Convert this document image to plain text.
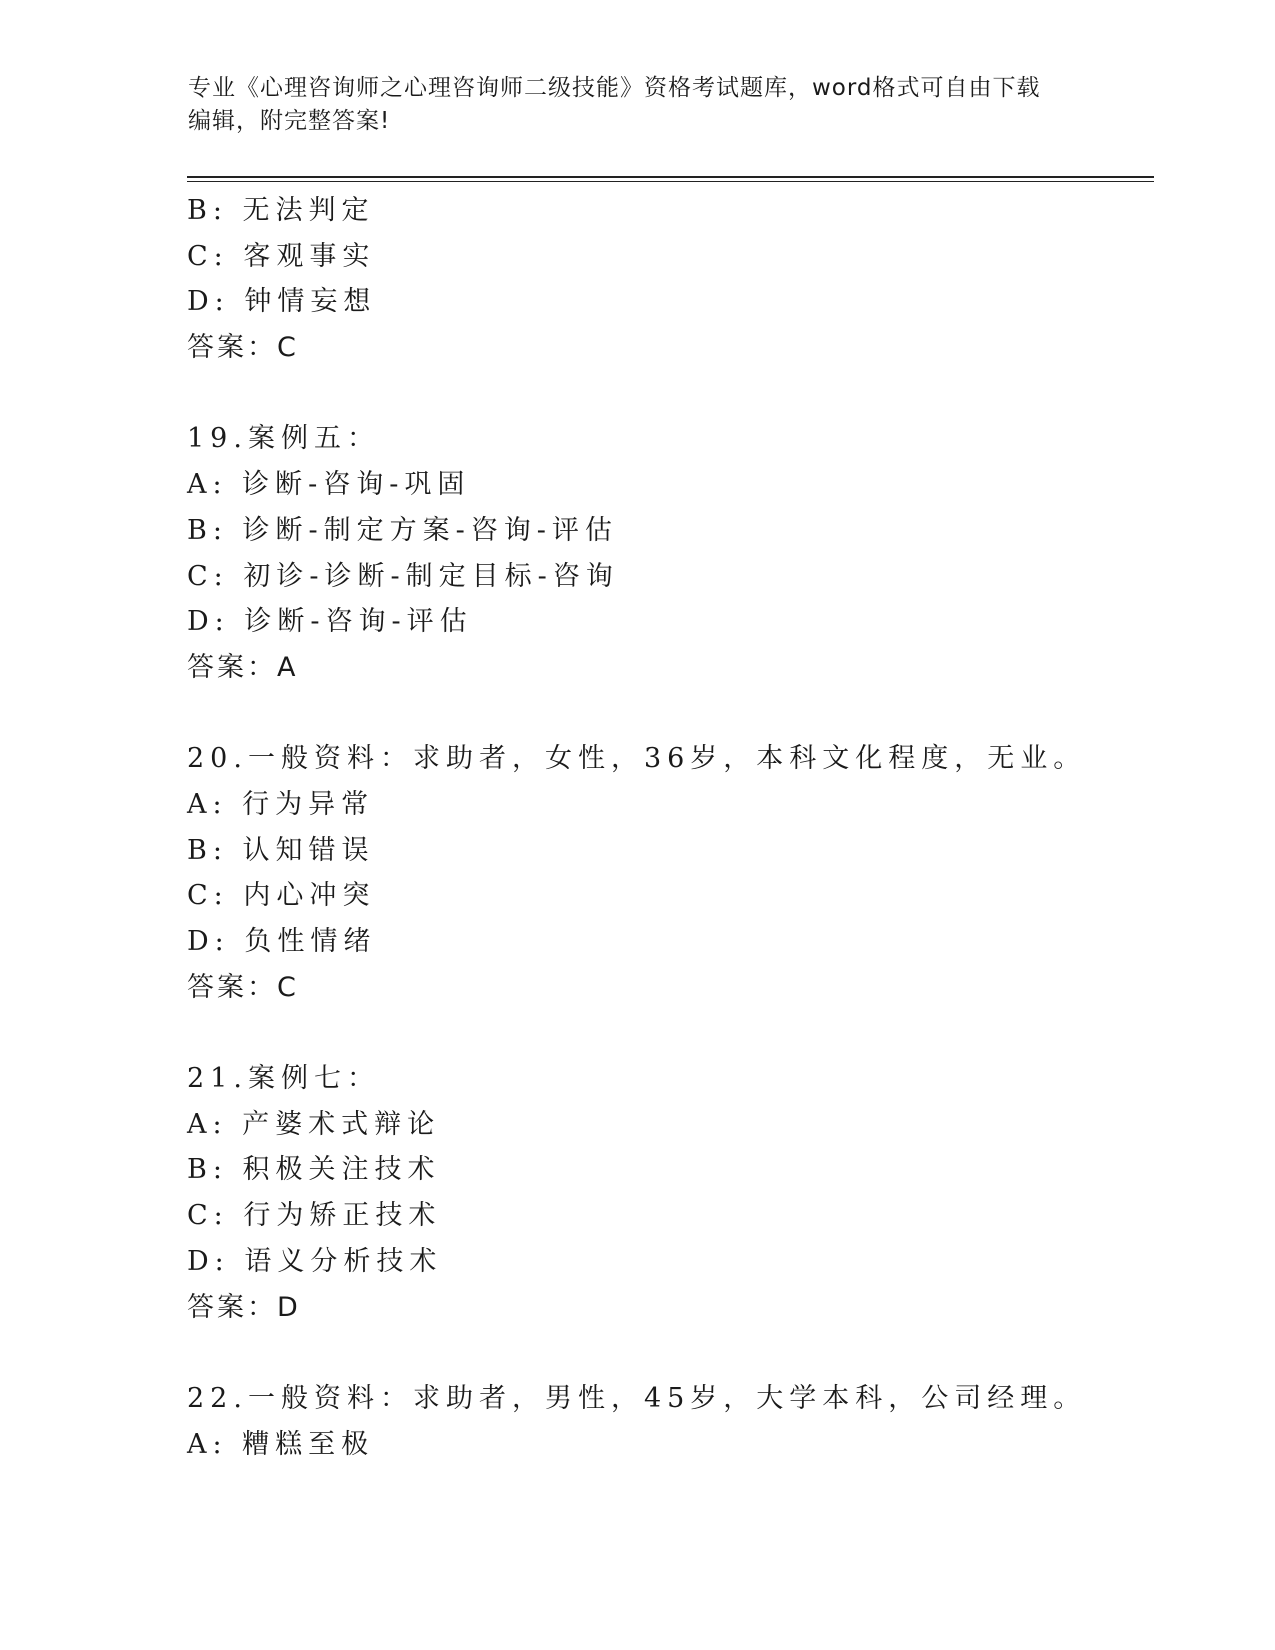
专业《心理咨询师之心理咨询师二级技能》资格考试题库，word格式可自由下载
编辑，附完整答案!
B: 无法判定
C: 客观事实
D: 钟情妄想
答案：C
19.案例五：
A: 诊断-咨询-巩固
B: 诊断-制定方案-咨询-评估
C: 初诊-诊断-制定目标-咨询
D: 诊断-咨询-评估
答案：A
20.一般资料：求助者，女性，36岁，本科文化程度，无业。
A: 行为异常
B: 认知错误
C: 内心冲突
D: 负性情绪
答案：C
21.案例七：
A: 产婆术式辩论
B: 积极关注技术
C: 行为矫正技术
D: 语义分析技术
答案：D
22.一般资料：求助者，男性，45岁，大学本科，公司经理。
A: 糟糕至极
